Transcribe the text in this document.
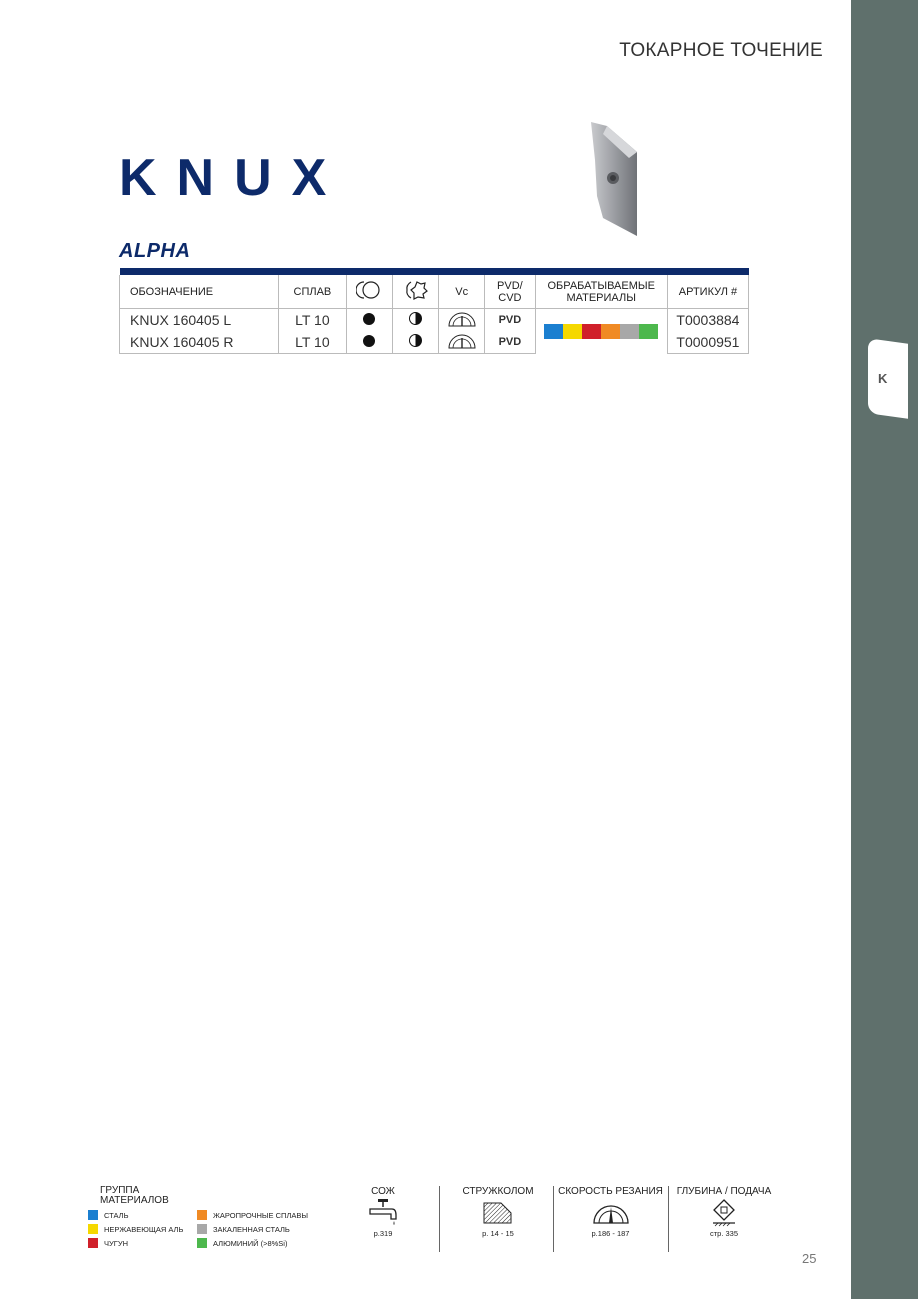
K
ТОКАРНОЕ ТОЧЕНИЕ
KNUX
ALPHA

ОБОЗНАЧЕНИЕ	СПЛАВ			Vc	PVD/ CVD	ОБРАБАТЫВАЕМЫЕ МАТЕРИАЛЫ	АРТИКУЛ #
KNUX 160405 L	LT 10				PVD		T0003884
KNUX 160405 R	LT 10				PVD		T0000951
ГРУППА МАТЕРИАЛОВ
СТАЛЬ
НЕРЖАВЕЮЩАЯ АЛЬ
ЧУГУН
ЖАРОПРОЧНЫЕ СПЛАВЫ
ЗАКАЛЕННАЯ СТАЛЬ
АЛЮМИНИЙ (>8%Si)
СОЖ
p.319
СТРУЖКОЛОМ
p. 14 - 15
СКОРОСТЬ РЕЗАНИЯ
p.186 - 187
ГЛУБИНА / ПОДАЧА
стр. 335
25
